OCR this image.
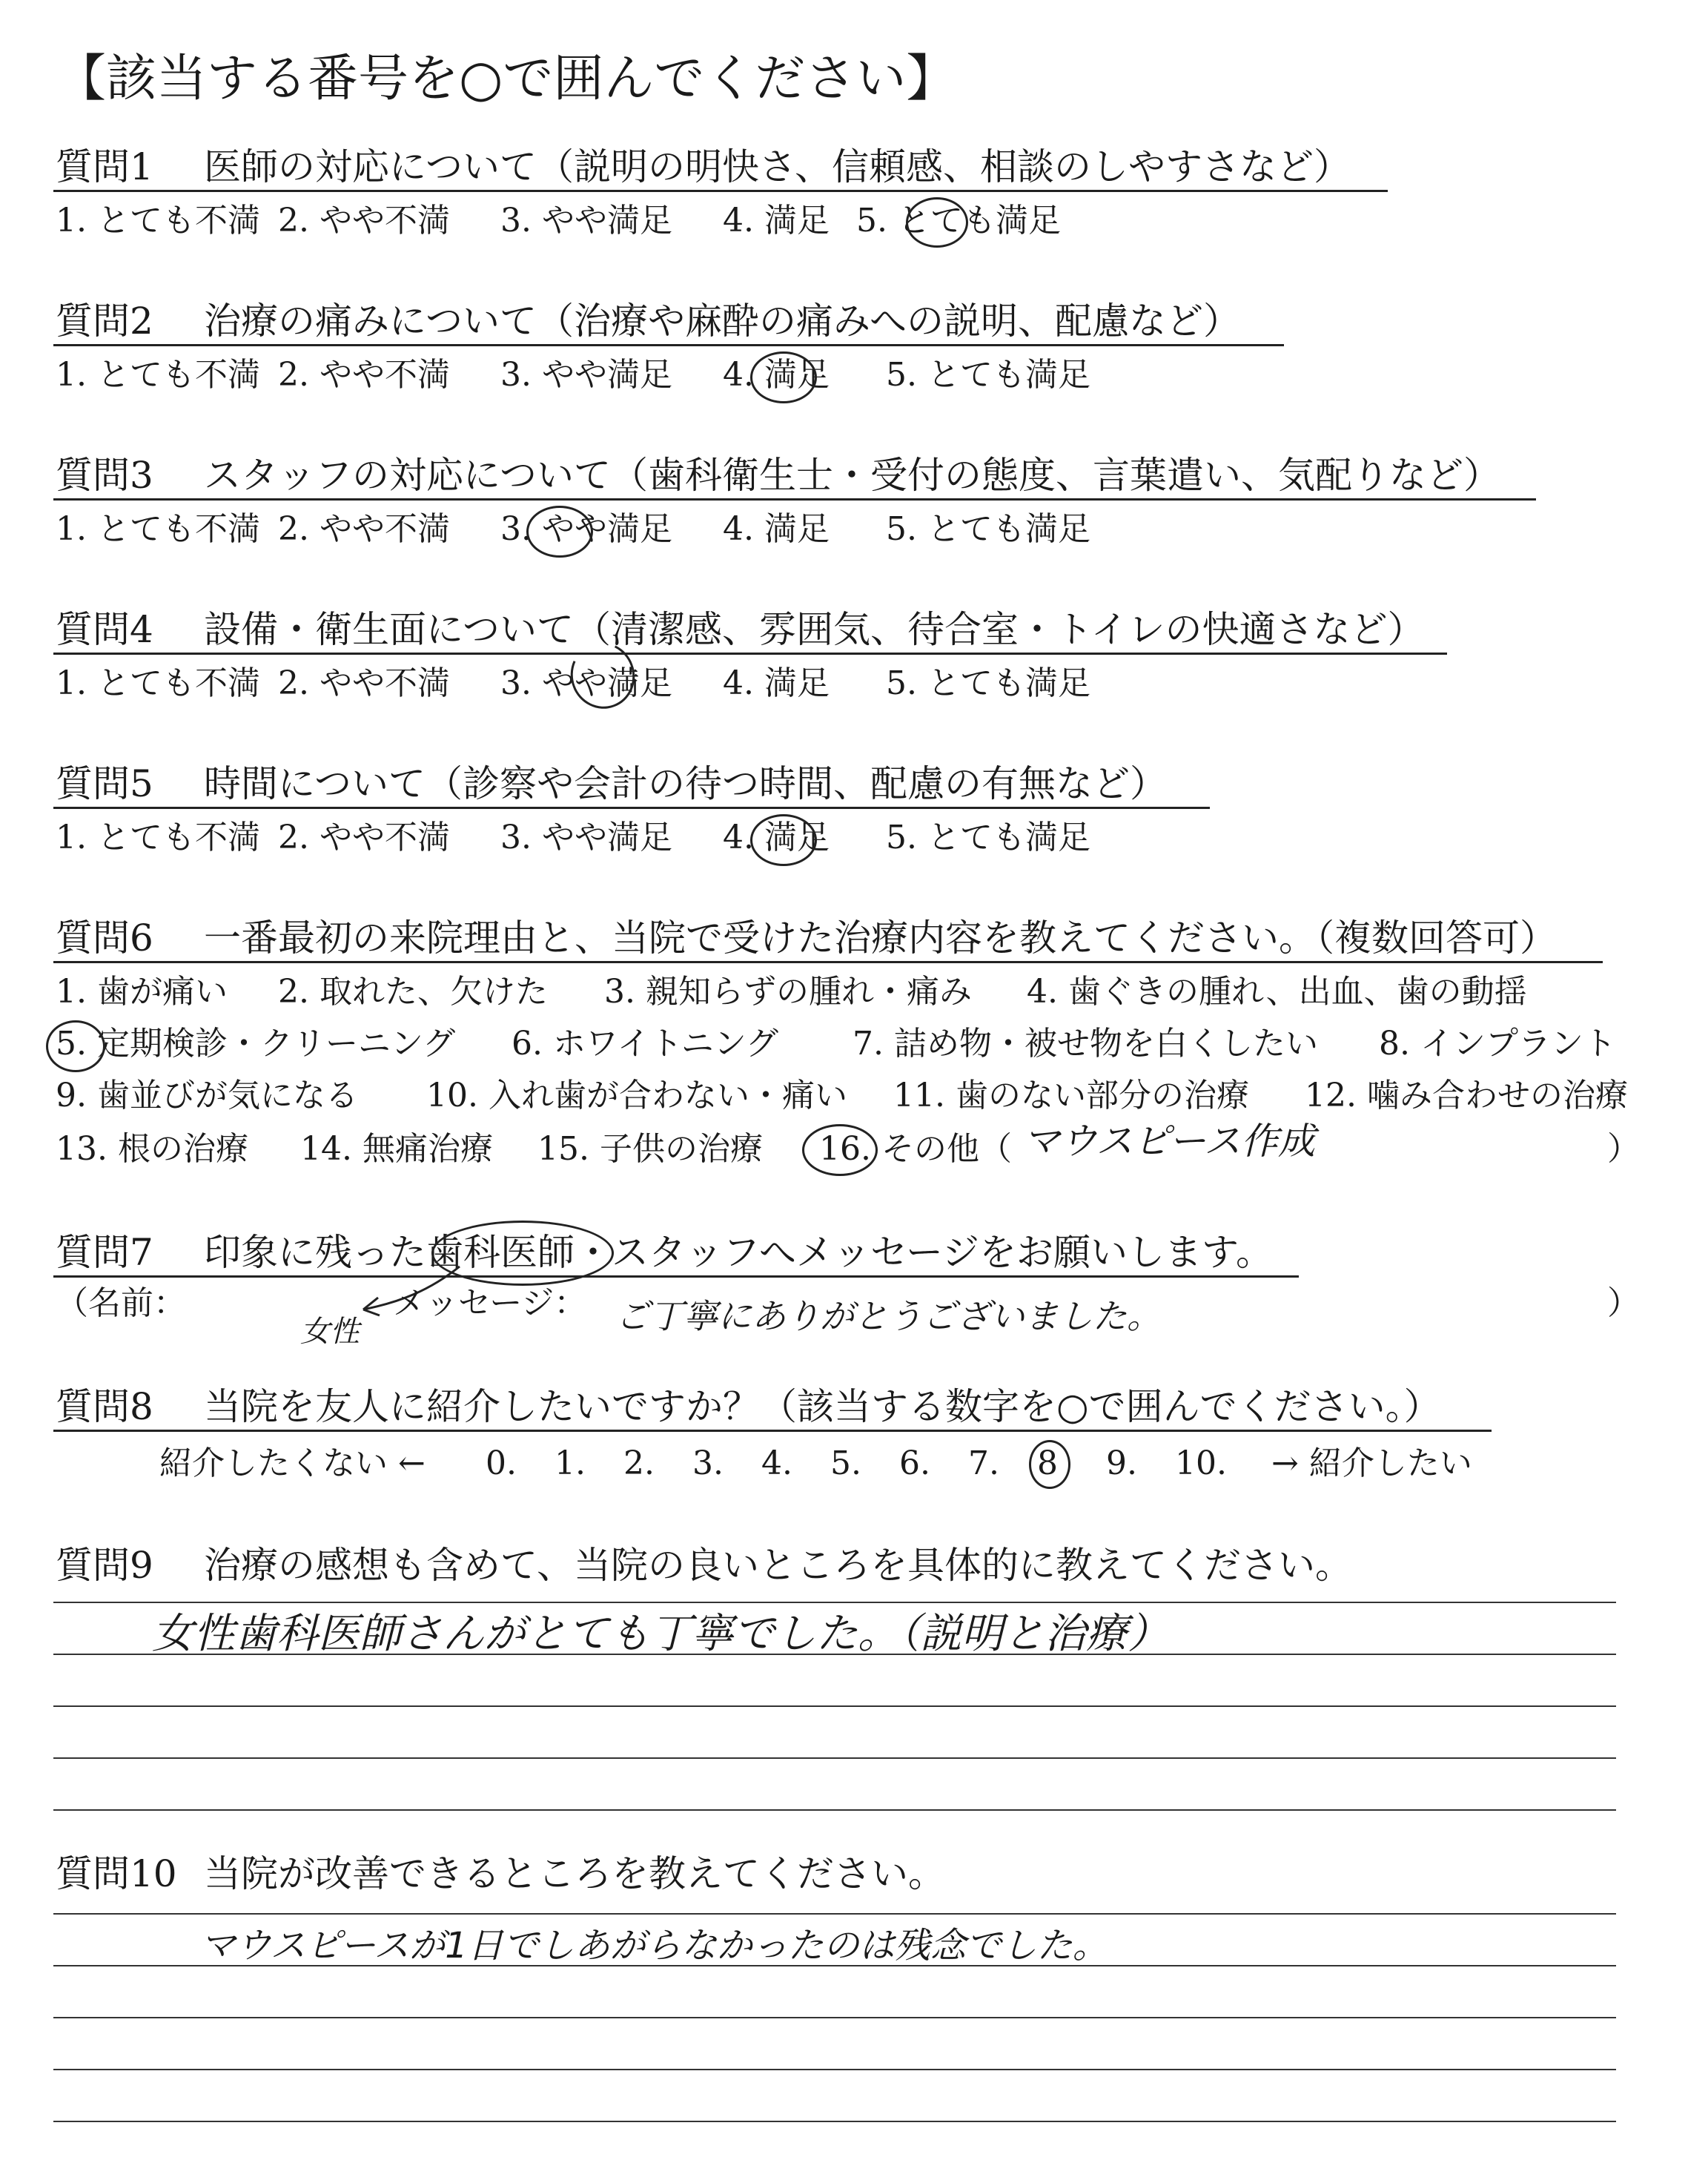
【該当する番号を○で囲んでください】
質問1 医師の対応について（説明の明快さ、信頼感、相談のしやすさなど）
1. とても不満 2. やや不満 3. やや満足 4. 満足 5. とても満足
質問2 治療の痛みについて（治療や麻酔の痛みへの説明、配慮など）
1. とても不満 2. やや不満 3. やや満足 4. 満足 5. とても満足
質問3 スタッフの対応について（歯科衛生士・受付の態度、言葉遣い、気配りなど）
1. とても不満 2. やや不満 3. やや満足 4. 満足 5. とても満足
質問4 設備・衛生面について（清潔感、雰囲気、待合室・トイレの快適さなど）
1. とても不満 2. やや不満 3. やや満足 4. 満足 5. とても満足
質問5 時間について（診察や会計の待つ時間、配慮の有無など）
1. とても不満 2. やや不満 3. やや満足 4. 満足 5. とても満足
質問6 一番最初の来院理由と、当院で受けた治療内容を教えてください。（複数回答可）
1. 歯が痛い 2. 取れた、欠けた 3. 親知らずの腫れ・痛み 4. 歯ぐきの腫れ、出血、歯の動揺
5. 定期検診・クリーニング 6. ホワイトニング 7. 詰め物・被せ物を白くしたい 8. インプラント
9. 歯並びが気になる 10. 入れ歯が合わない・痛い 11. 歯のない部分の治療 12. 噛み合わせの治療
13. 根の治療 14. 無痛治療 15. 子供の治療 16. その他（ マウスピース作成	）
質問7 印象に残った歯科医師・スタッフへメッセージをお願いします。
（名前：	メッセージ：
女性	ご丁寧にありがとうございました。	）
質問8 当院を友人に紹介したいですか？（該当する数字を○で囲んでください。）
紹介したくない ← 0. 1. 2. 3. 4. 5. 6. 7. 8 9. 10. → 紹介したい
質問9 治療の感想も含めて、当院の良いところを具体的に教えてください。
女性歯科医師さんがとても丁寧でした。（説明と治療）
質問10 当院が改善できるところを教えてください。
マウスピースが1日でしあがらなかったのは残念でした。
